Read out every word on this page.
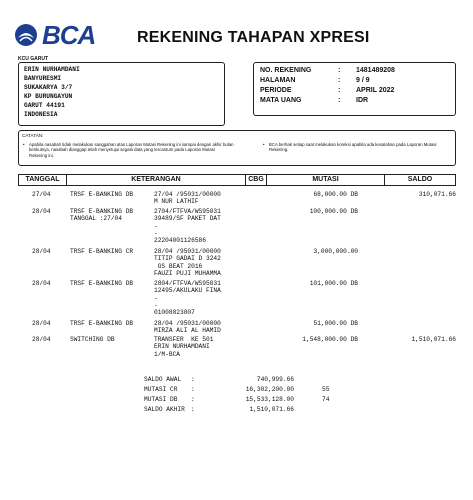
BCA	REKENING TAHAPAN XPRESI
KCU GARUT
ERIN NURHAMDANI
BANYURESMI
SUKAKARYA 3/7
KP BURUNGAYUN
GARUT 44191
INDONESIA
NO. REKENING	: 1481489208
HALAMAN	: 9 / 9
PERIODE	: APRIL 2022
MATA UANG	: IDR
CATATAN:
• Apabila nasabah tidak melakukan sanggahan atas Laporan Mutasi Rekening ini sampai dengan akhir bulan berikutnya, nasabah dianggap telah menyetujui segala data yang tercantum pada Laporan Mutasi Rekening ini.
• BCA berhak setiap saat melakukan koreksi apabila ada kesalahan pada Laporan Mutasi Rekening.
TANGGAL	KETERANGAN	CBG	MUTASI	SALDO
27/04	TRSF E-BANKING DB	27/04 /95031/00000
M NUR LATHIF
68,000.00 DB	310,071.66
28/04	TRSF E-BANKING DB
TANGGAL :27/04
2704/FTFVA/WS95031
39489/SF PAKET DAT
-
-
22204001126586
100,000.00 DB
28/04	TRSF E-BANKING CR	28/04 /95031/00000
TITIP GADAI D 3242
GS BEAT 2016
FAUZI PUJI MUHAMMA
3,000,000.00
28/04	TRSF E-BANKING DB	2804/FTFVA/WS95031
12495/AKULAKU FINA
-
-
01008823807
101,000.00 DB
28/04	TRSF E-BANKING DB	28/04 /95031/00000
MIRZA ALI AL HAMID
51,000.00 DB
28/04	SWITCHING DB	TRANSFER  KE 501
ERIN NURHAMDANI
1/M-BCA
1,548,000.00 DB	1,510,071.66
SALDO AWAL :	740,999.66
MUTASI CR :	16,302,200.00	55
MUTASI DB :	15,533,128.00	74
SALDO AKHIR :	1,510,071.66
